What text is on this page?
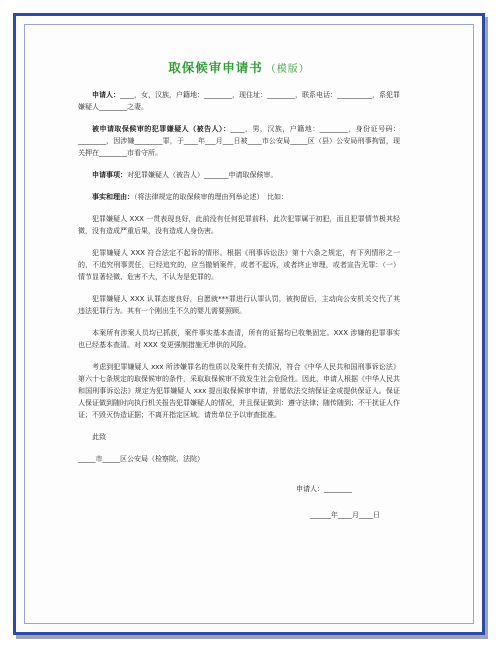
取保候审申请书 （模版）

申请人：____，女，汉族，户籍地：________，现住址：________，联系电话：__________，系犯罪嫌疑人________之妻。

被申请取保候审的犯罪嫌疑人（被告人）：____，男，汉族，户籍地：________，身份证号码：________，因涉嫌________罪，于____年___月___日被____市公安局_____区（县）公安局刑事拘留，现关押在________市看守所。

申请事项：对犯罪嫌疑人（被告人）_______申请取保候审。

事实和理由：（将法律规定的取保候审的理由列举论述）　比如：

犯罪嫌疑人 XXX 一贯表现良好，此前没有任何犯罪前科，此次犯罪属于初犯，而且犯罪情节极其轻微，没有造成严重后果，没有造成人身伤害。

犯罪嫌疑人 XXX 符合法定不起诉的情形。根据《刑事诉讼法》第十六条之规定，有下列情形之一的，不追究刑事责任，已经追究的，应当撤销案件，或者不起诉，或者终止审理，或者宣告无罪：（一）情节显著轻微、危害不大，不认为是犯罪的。

犯罪嫌疑人 XXX 认罪态度良好，自愿就***罪进行认罪认罚，被拘留后，主动向公安机关交代了其违法犯罪行为。其有一个刚出生不久的婴儿需要照顾。

本案所有涉案人员均已抓获，案件事实基本查清，所有的证据均已收集固定。XXX 涉嫌的犯罪事实也已经基本查清。对 XXX 变更强制措施无串供的风险。

考虑到犯罪嫌疑人 xxx 所涉嫌罪名的性质以及案件有关情况，符合《中华人民共和国刑事诉讼法》第六十七条规定的取保候审的条件，采取取保候审不致发生社会危险性。因此，申请人根据《中华人民共和国刑事诉讼法》规定为犯罪嫌疑人 xxx 提出取保候审申请，并愿依法交纳保证金或提供保证人。保证人保证做到随时向执行机关报告犯罪嫌疑人的情况，并且保证做到：遵守法律；随传随到；不干扰证人作证；不毁灭伪造证据；不离开指定区域。请贵单位予以审查批准。

此致

_____市_____区公安局（检察院、法院）

申请人：________

______年____月____日
